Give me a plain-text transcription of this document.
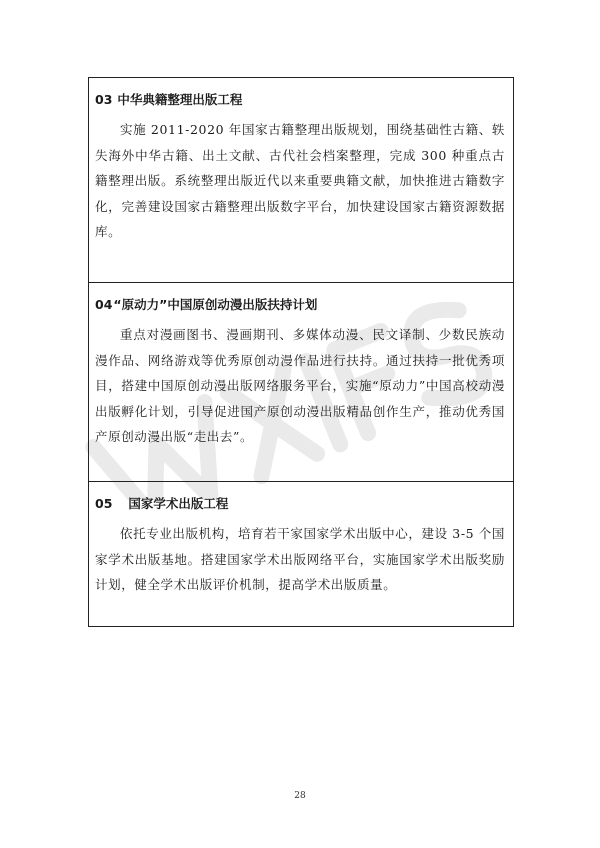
03 中华典籍整理出版工程

实施 2011-2020 年国家古籍整理出版规划，围绕基础性古籍、轶失海外中华古籍、出土文献、古代社会档案整理，完成 300 种重点古籍整理出版。系统整理出版近代以来重要典籍文献，加快推进古籍数字化，完善建设国家古籍整理出版数字平台，加快建设国家古籍资源数据库。

04“原动力”中国原创动漫出版扶持计划

重点对漫画图书、漫画期刊、多媒体动漫、民文译制、少数民族动漫作品、网络游戏等优秀原创动漫作品进行扶持。通过扶持一批优秀项目，搭建中国原创动漫出版网络服务平台，实施“原动力”中国高校动漫出版孵化计划，引导促进国产原创动漫出版精品创作生产，推动优秀国产原创动漫出版“走出去”。

05 国家学术出版工程

依托专业出版机构，培育若干家国家学术出版中心，建设 3-5 个国家学术出版基地。搭建国家学术出版网络平台，实施国家学术出版奖励计划，健全学术出版评价机制，提高学术出版质量。

28
